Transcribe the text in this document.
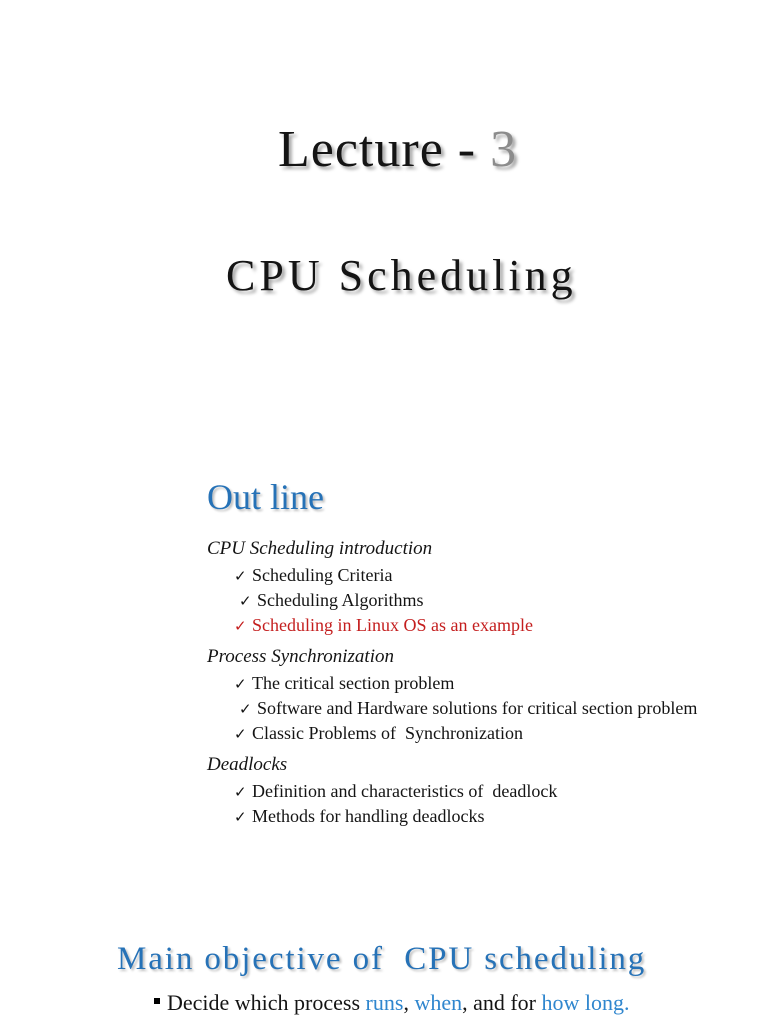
Lecture - 3
CPU Scheduling
Out line
CPU Scheduling introduction
✓Scheduling Criteria
✓Scheduling Algorithms
✓Scheduling in Linux OS as an example
Process Synchronization
✓The critical section problem
✓Software and Hardware solutions for critical section problem
✓Classic Problems of  Synchronization
Deadlocks
✓Definition and characteristics of  deadlock
✓Methods for handling deadlocks
Main objective of  CPU scheduling
Decide which process runs, when, and for how long.
